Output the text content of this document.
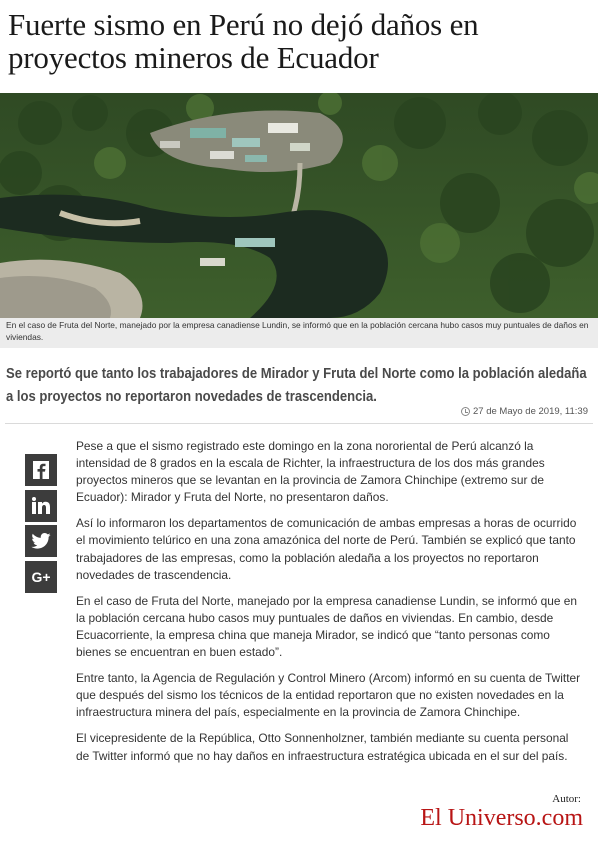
Fuerte sismo en Perú no dejó daños en proyectos mineros de Ecuador

En el caso de Fruta del Norte, manejado por la empresa canadiense Lundin, se informó que en la población cercana hubo casos muy puntuales de daños en viviendas.

Se reportó que tanto los trabajadores de Mirador y Fruta del Norte como la población aledaña a los proyectos no reportaron novedades de trascendencia.

27 de Mayo de 2019, 11:39
G+

Pese a que el sismo registrado este domingo en la zona nororiental de Perú alcanzó la intensidad de 8 grados en la escala de Richter, la infraestructura de los dos más grandes proyectos mineros que se levantan en la provincia de Zamora Chinchipe (extremo sur de Ecuador): Mirador y Fruta del Norte, no presentaron daños.

Así lo informaron los departamentos de comunicación de ambas empresas a horas de ocurrido el movimiento telúrico en una zona amazónica del norte de Perú. También se explicó que tanto trabajadores de las empresas, como la población aledaña a los proyectos no reportaron novedades de trascendencia.

En el caso de Fruta del Norte, manejado por la empresa canadiense Lundin, se informó que en la población cercana hubo casos muy puntuales de daños en viviendas. En cambio, desde Ecuacorriente, la empresa china que maneja Mirador, se indicó que “tanto personas como bienes se encuentran en buen estado”.

Entre tanto, la Agencia de Regulación y Control Minero (Arcom) informó en su cuenta de Twitter que después del sismo los técnicos de la entidad reportaron que no existen novedades en la infraestructura minera del país, especialmente en la provincia de Zamora Chinchipe.

El vicepresidente de la República, Otto Sonnenholzner, también mediante su cuenta personal de Twitter informó que no hay daños en infraestructura estratégica ubicada en el sur del país.

Autor:
El Universo.com
